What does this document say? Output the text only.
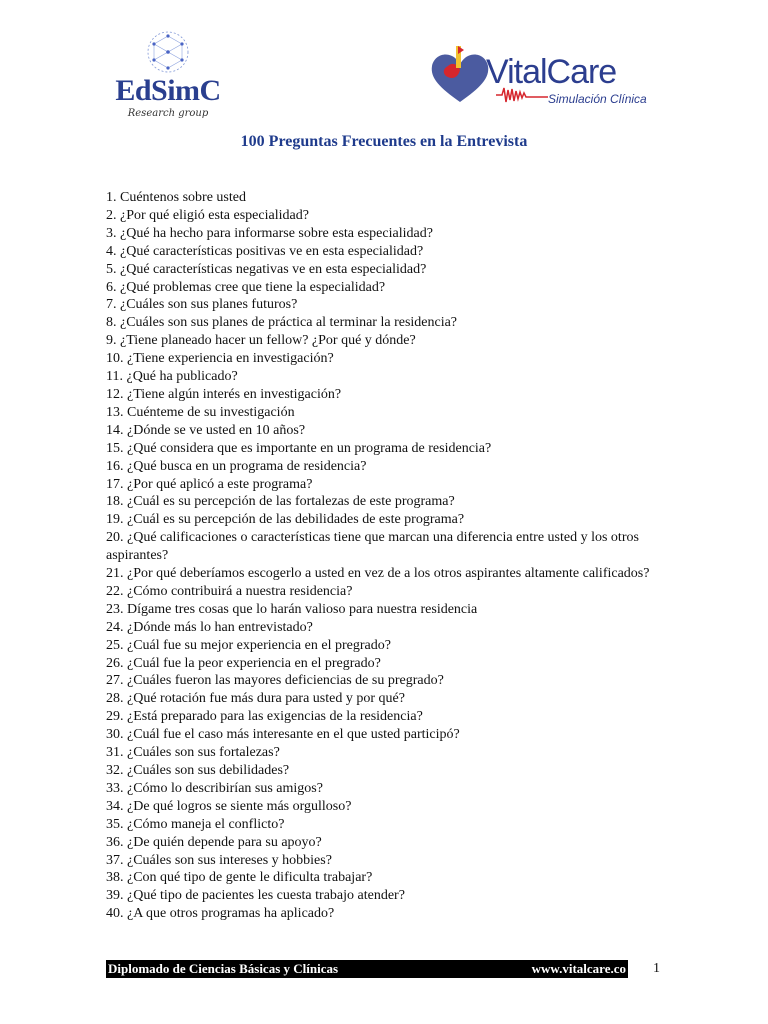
EdSimC
Research group
VitalCare
Simulación Clínica
100 Preguntas Frecuentes en la Entrevista
1. Cuéntenos sobre usted
2. ¿Por qué eligió esta especialidad?
3. ¿Qué ha hecho para informarse sobre esta especialidad?
4. ¿Qué características positivas ve en esta especialidad?
5. ¿Qué características negativas ve en esta especialidad?
6. ¿Qué problemas cree que tiene la especialidad?
7. ¿Cuáles son sus planes futuros?
8. ¿Cuáles son sus planes de práctica al terminar la residencia?
9. ¿Tiene planeado hacer un fellow? ¿Por qué y dónde?
10. ¿Tiene experiencia en investigación?
11. ¿Qué ha publicado?
12. ¿Tiene algún interés en investigación?
13. Cuénteme de su investigación
14. ¿Dónde se ve usted en 10 años?
15. ¿Qué considera que es importante en un programa de residencia?
16. ¿Qué busca en un programa de residencia?
17. ¿Por qué aplicó a este programa?
18. ¿Cuál es su percepción de las fortalezas de este programa?
19. ¿Cuál es su percepción de las debilidades de este programa?
20. ¿Qué calificaciones o características tiene que marcan una diferencia entre usted y los otros aspirantes?
21. ¿Por qué deberíamos escogerlo a usted en vez de a los otros aspirantes altamente calificados?
22. ¿Cómo contribuirá a nuestra residencia?
23. Dígame tres cosas que lo harán valioso para nuestra residencia
24. ¿Dónde más lo han entrevistado?
25. ¿Cuál fue su mejor experiencia en el pregrado?
26. ¿Cuál fue la peor experiencia en el pregrado?
27. ¿Cuáles fueron las mayores deficiencias de su pregrado?
28. ¿Qué rotación fue más dura para usted y por qué?
29. ¿Está preparado para las exigencias de la residencia?
30. ¿Cuál fue el caso más interesante en el que usted participó?
31. ¿Cuáles son sus fortalezas?
32. ¿Cuáles son sus debilidades?
33. ¿Cómo lo describirían sus amigos?
34. ¿De qué logros se siente más orgulloso?
35. ¿Cómo maneja el conflicto?
36. ¿De quién depende para su apoyo?
37. ¿Cuáles son sus intereses y hobbies?
38. ¿Con qué tipo de gente le dificulta trabajar?
39. ¿Qué tipo de pacientes les cuesta trabajo atender?
40. ¿A que otros programas ha aplicado?
Diplomado de Ciencias Básicas y Clínicas	www.vitalcare.co 1
